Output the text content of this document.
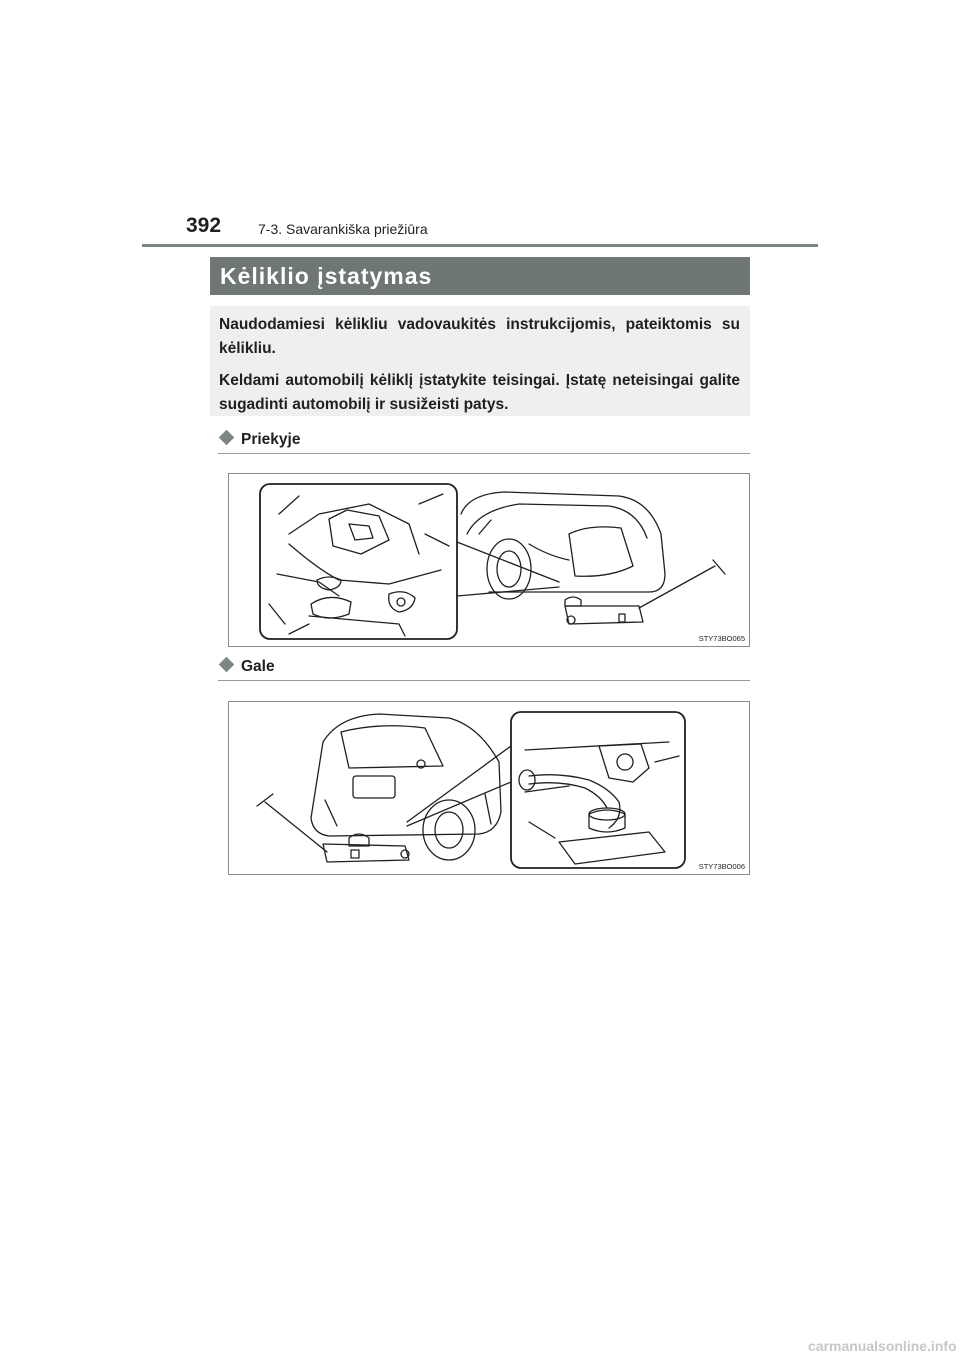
392	7-3. Savarankiška priežiūra
Kėliklio įstatymas

Naudodamiesi kėlikliu vadovaukitės instrukcijomis, pateiktomis su kėlikliu.

Keldami automobilį kėliklį įstatykite teisingai. Įstatę neteisingai galite sugadinti automobilį ir susižeisti patys.

Priekyje
STY73BO065
Gale
STY73BO006
carmanualsonline.info
